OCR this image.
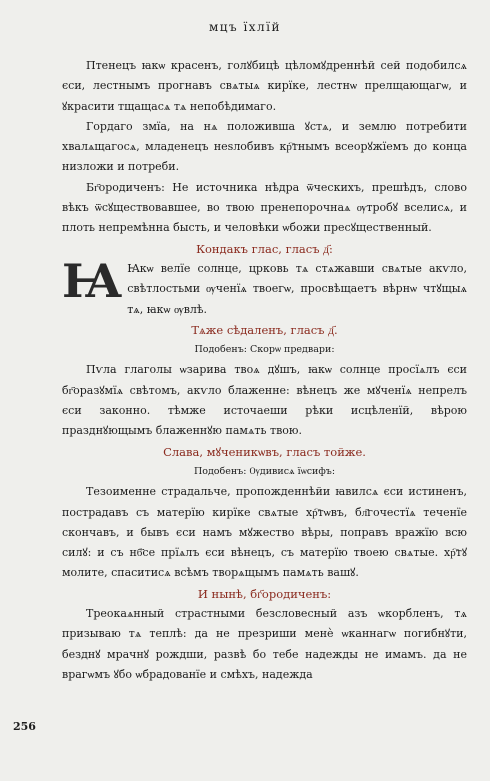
мцъ їхлїй

Птенецъ ꙗкѡ красенъ, голꙋбицѣ цѣломꙋдреннѣй сей подобилсѧ єси, лестнымъ прогнавъ свѧтыѧ кирїке, лестнѡ прелщающагѡ, и ꙋкрасити тщащасѧ тѧ непобѣдимаго.

Гордаго змїа, на нѧ положивша ꙋстѧ, и землю потребити хвалѧщагосѧ, младенецъ неѕлобивъ кр҇тнымъ всеорꙋжїемъ до конца низложи и потреби.

Бг҃ородиченъ: Не источника нѣдра ѿческихъ, прешѣдъ, слово вѣкъ ѿсꙋществовавшее, во твою пренепорочнаѧ ѹтробꙋ вселисѧ, и плоть непремѣнна бысть, и человѣки ѡбожи пресꙋщественный.

Кондакъ глас, гласъ д҃:

Ꙗ Ꙗкѡ велїе солнце, црковь тѧ стѧжавши свѧтые акѵло, свѣтлостьми ѹченїѧ твоегѡ, просвѣщаетъ вѣрнѡ чтꙋщыѧ тѧ, ꙗкѡ ѹвлѣ.

Тѧже сѣдаленъ, гласъ д҃.

Подобенъ: Скорѡ предвари:

Пѵла глаголы ѡзарива твоѧ дꙋшъ, ꙗкѡ солнце просїѧлъ єси бг҃оразꙋмїѧ свѣтомъ, акѵло блаженне: вѣнецъ же мꙋченїѧ непрелъ єси законно. тѣмже источаеши рѣки исцѣленїй, вѣрою празднꙋющымъ блаженнꙋю памѧть твою.

Слава, мꙋченикѡвъ, гласъ тойже.

Подобенъ: Ѹдивисѧ їѡсифъ:

Тезоименне страдальче, пропожденнѣйи ꙗвилсѧ єси истиненъ, пострадавъ съ матерїю кирїке свѧтые хр҇тѡвъ, бл҃гочестїѧ теченїе скончавъ, и бывъ єси намъ мꙋжество вѣры, поправъ вражїю всю силꙋ: и съ нб҃се прїѧлъ єси вѣнецъ, съ матерїю твоею свѧтые. хр҇тꙋ молите, спаситисѧ всѣмъ творѧщымъ памѧть вашꙋ.

И нынѣ, бг҃ородиченъ:

Треокаѧнный страстными безсловесный азъ ѡкорбленъ, тѧ призываю тѧ теплѣ: да не презриши менѐ ѡканнагѡ погибнꙋти, безднꙋ мрачнꙋ рождши, развѣ бо тебе надежды не имамъ. да не врагѡмъ ꙋбо ѡбрадованїе и смѣхъ, надежда

256
